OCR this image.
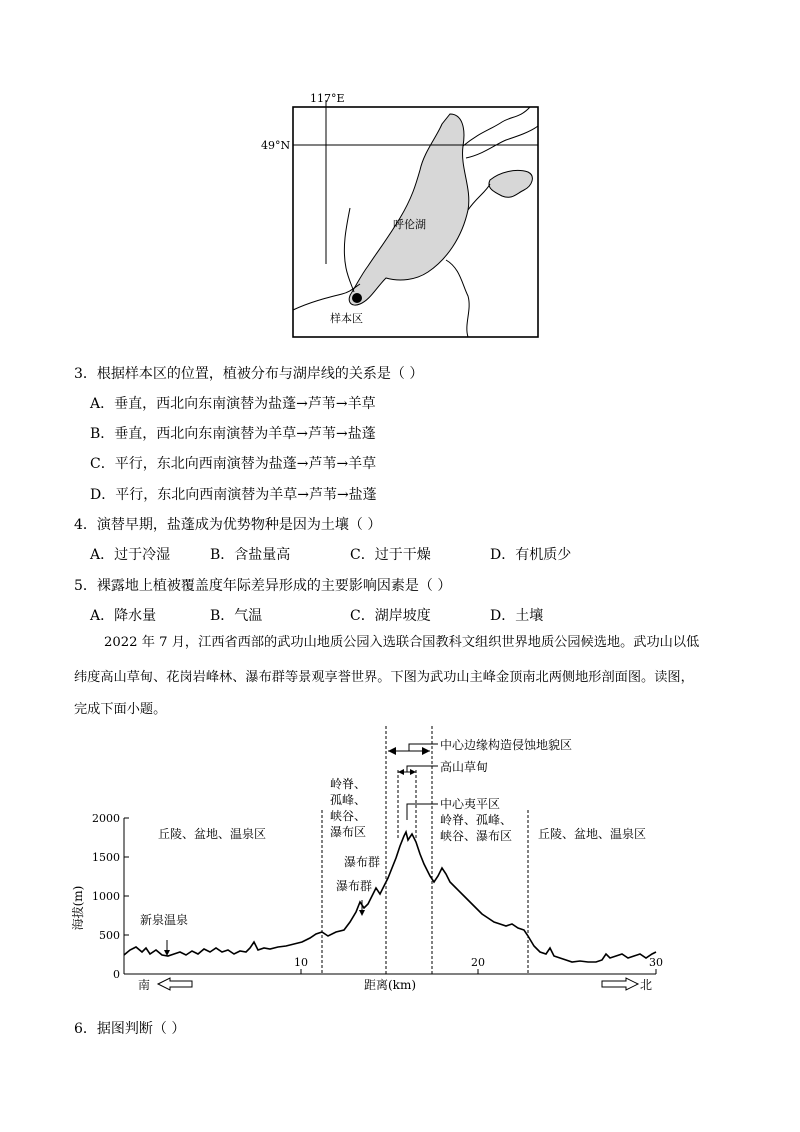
117°E
49°N
呼伦湖
样本区
3．根据样本区的位置，植被分布与湖岸线的关系是（ ）
A．垂直，西北向东南演替为盐蓬→芦苇→羊草
B．垂直，西北向东南演替为羊草→芦苇→盐蓬
C．平行，东北向西南演替为盐蓬→芦苇→羊草
D．平行，东北向西南演替为羊草→芦苇→盐蓬
4．演替早期，盐蓬成为优势物种是因为土壤（ ）
A．过于冷湿	B．含盐量高	C．过于干燥	D．有机质少
5．裸露地上植被覆盖度年际差异形成的主要影响因素是（ ）
A．降水量	B．气温	C．湖岸坡度	D．土壤
2022 年 7 月，江西省西部的武功山地质公园入选联合国教科文组织世界地质公园候选地。武功山以低
纬度高山草甸、花岗岩峰林、瀑布群等景观享誉世界。下图为武功山主峰金顶南北两侧地形剖面图。读图，
完成下面小题。
2000
1500
1000
500
0
海拔(m)
10	20	30
丘陵、盆地、温泉区
岭脊、
孤峰、
峡谷、
瀑布区
瀑布群
瀑布群
新泉温泉
中心边缘构造侵蚀地貌区
高山草甸
中心夷平区
岭脊、孤峰、
峡谷、瀑布区 丘陵、盆地、温泉区
南	距离(km)	北
6．据图判断（ ）
